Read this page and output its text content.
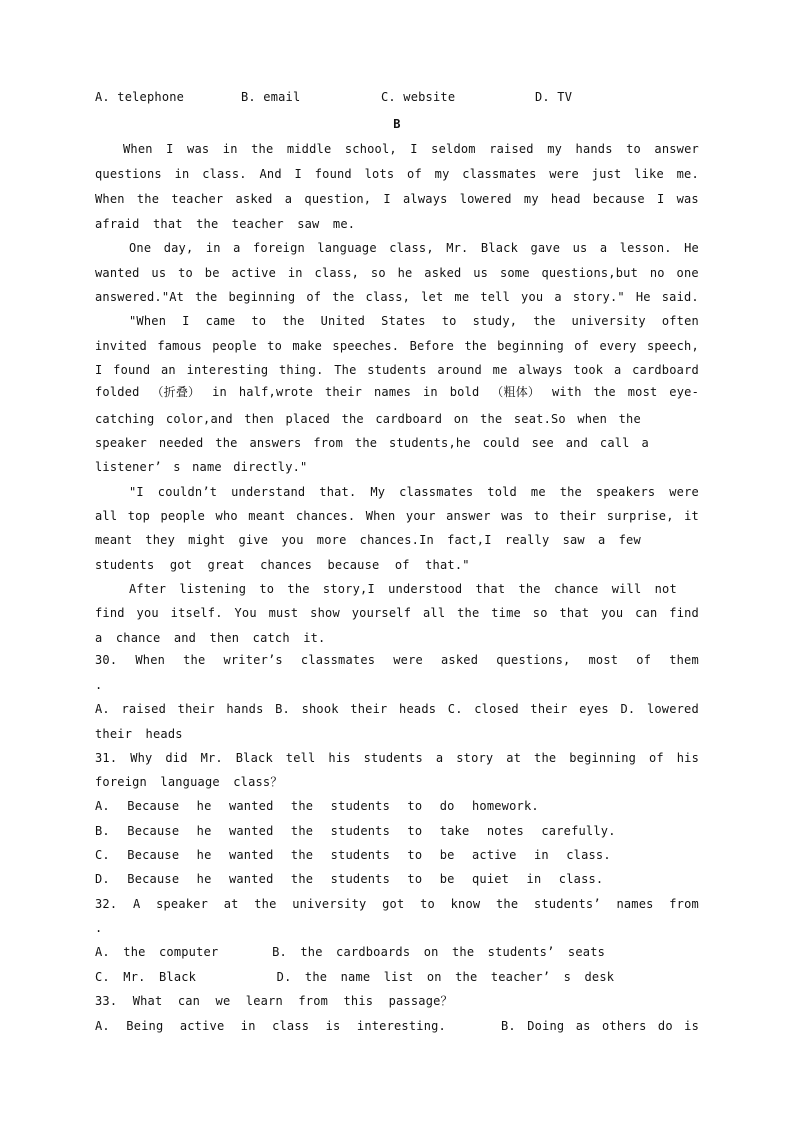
A. telephone	B. email	C. website	D. TV
B
When I was in the middle school, I seldom raised my hands to answer
questions in class. And I found lots of my classmates were just like me.
When the teacher asked a question, I always lowered my head because I was
afraid that the teacher saw me.
One day, in a foreign language class, Mr. Black gave us a lesson. He
wanted us to be active in class, so he asked us some questions,but no one
answered."At the beginning of the class, let me tell you a story." He said.
"When I came to the United States to study, the university often
invited famous people to make speeches. Before the beginning of every speech,
I found an interesting thing. The students around me always took a cardboard
folded （折叠） in half,wrote their names in bold （粗体） with the most eye-
catching color,and then placed the cardboard on the seat.So when the
speaker needed the answers from the students,he could see and call a
listener’ s name directly."
"I couldn’t understand that. My classmates told me the speakers were
all top people who meant chances. When your answer was to their surprise, it
meant they might give you more chances.In fact,I really saw a few
students got great chances because of that."
After listening to the story,I understood that the chance will not
find you itself. You must show yourself all the time so that you can find
a chance and then catch it.
30. When the writer’s classmates were asked questions, most of them
.
A. raised their hands B. shook their heads C. closed their eyes D. lowered
their heads
31. Why did Mr. Black tell his students a story at the beginning of his
foreign language class？
A. Because he wanted the students to do homework.
B. Because he wanted the students to take notes carefully.
C. Because he wanted the students to be active in class.
D. Because he wanted the students to be quiet in class.
32. A speaker at the university got to know the students’ names from
.
A. the computer    B. the cardboards on the students’ seats
C. Mr. Black      D. the name list on the teacher’ s desk
33. What can we learn from this passage？
A. Being active in class is interesting.	B. Doing as others do is
